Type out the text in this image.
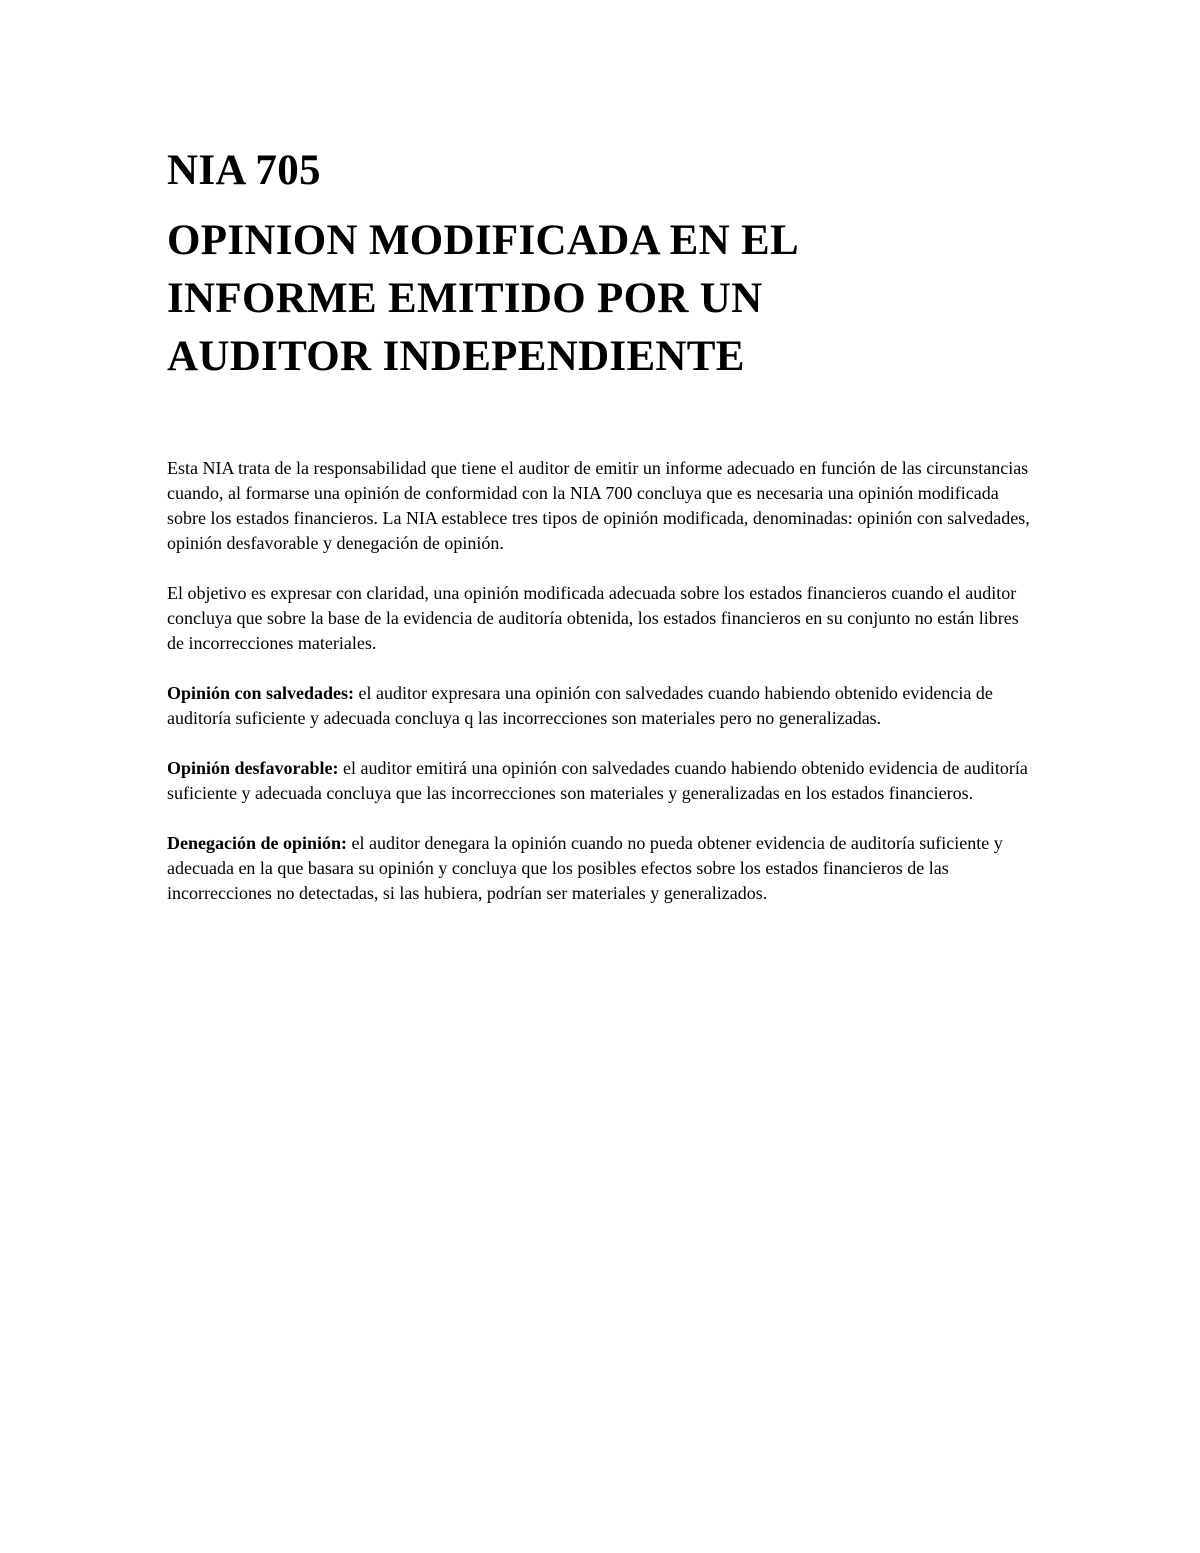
NIA 705
OPINION MODIFICADA EN EL
INFORME EMITIDO POR UN
AUDITOR INDEPENDIENTE

Esta NIA trata de la responsabilidad que tiene el auditor de emitir un informe adecuado en función de las circunstancias cuando, al formarse una opinión de conformidad con la NIA 700 concluya que es necesaria una opinión modificada sobre los estados financieros. La NIA establece tres tipos de opinión modificada, denominadas: opinión con salvedades, opinión desfavorable y denegación de opinión.

El objetivo es expresar con claridad, una opinión modificada adecuada sobre los estados financieros cuando el auditor concluya que sobre la base de la evidencia de auditoría obtenida, los estados financieros en su conjunto no están libres de incorrecciones materiales.

Opinión con salvedades: el auditor expresara una opinión con salvedades cuando habiendo obtenido evidencia de auditoría suficiente y adecuada concluya q las incorrecciones son materiales pero no generalizadas.

Opinión desfavorable: el auditor emitirá una opinión con salvedades cuando habiendo obtenido evidencia de auditoría suficiente y adecuada concluya que las incorrecciones son materiales y generalizadas en los estados financieros.

Denegación de opinión: el auditor denegara la opinión cuando no pueda obtener evidencia de auditoría suficiente y adecuada en la que basara su opinión y concluya que los posibles efectos sobre los estados financieros de las incorrecciones no detectadas, si las hubiera, podrían ser materiales y generalizados.
